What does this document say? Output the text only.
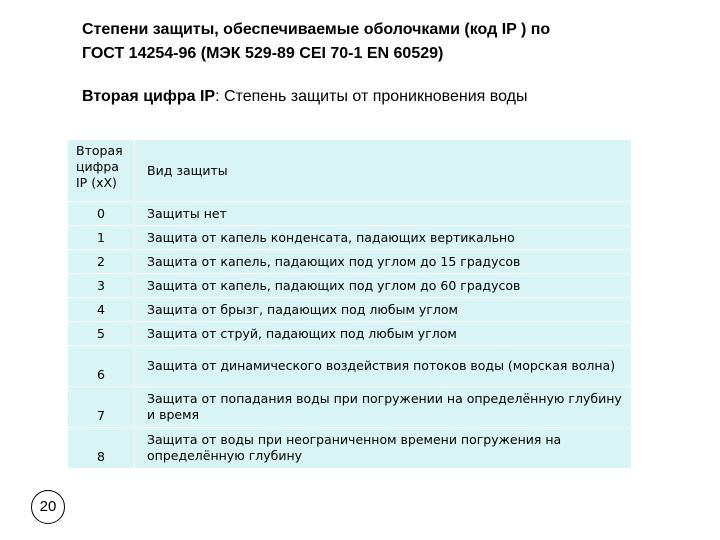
Степени защиты, обеспечиваемые оболочками (код IP ) по
ГОСТ 14254-96 (МЭК 529-89 CEI 70-1 EN 60529)
Вторая цифра IP: Степень защиты от проникновения воды
Вторая
цифра
IP (xX)	Вид защиты
0	Защиты нет
1	Защита от капель конденсата, падающих вертикально
2	Защита от капель, падающих под углом до 15 градусов
3	Защита от капель, падающих под углом до 60 градусов
4	Защита от брызг, падающих под любым углом
5	Защита от струй, падающих под любым углом
6	Защита от динамического воздействия потоков воды (морская волна)
7	Защита от попадания воды при погружении на определённую глубину и время
8	Защита от воды при неограниченном времени погружения на определённую глубину
20
